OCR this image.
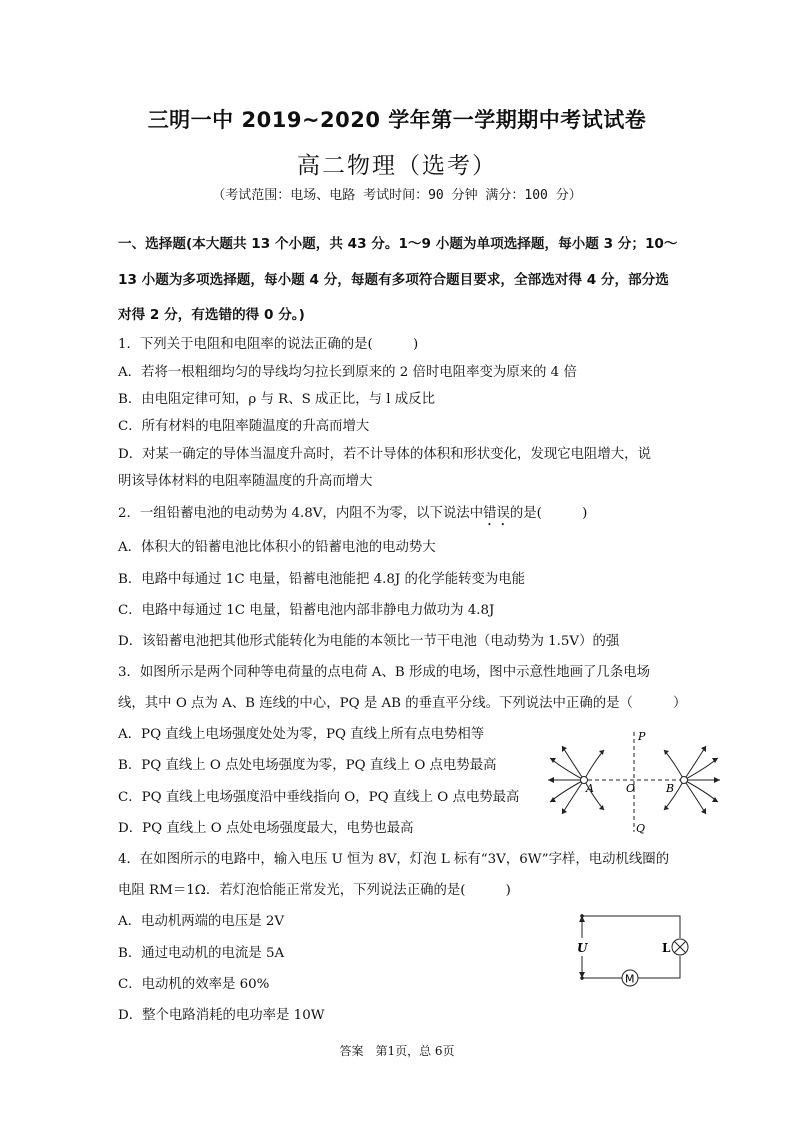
三明一中 2019~2020 学年第一学期期中考试试卷
高二物理（选考）
（考试范围：电场、电路 考试时间：90 分钟 满分：100 分）
一、选择题(本大题共 13 个小题，共 43 分。1～9 小题为单项选择题，每小题 3 分；10～
13 小题为多项选择题，每小题 4 分，每题有多项符合题目要求，全部选对得 4 分，部分选
对得 2 分，有选错的得 0 分。)
1．下列关于电阻和电阻率的说法正确的是(　　　)
A．若将一根粗细均匀的导线均匀拉长到原来的 2 倍时电阻率变为原来的 4 倍
B．由电阻定律可知，ρ 与 R、S 成正比，与 l 成反比
C．所有材料的电阻率随温度的升高而增大
D．对某一确定的导体当温度升高时，若不计导体的体积和形状变化，发现它电阻增大，说
明该导体材料的电阻率随温度的升高而增大
2．一组铅蓄电池的电动势为 4.8V，内阻不为零，以下说法中错误的是(　　　)
A．体积大的铅蓄电池比体积小的铅蓄电池的电动势大
B．电路中每通过 1C 电量，铅蓄电池能把 4.8J 的化学能转变为电能
C．电路中每通过 1C 电量，铅蓄电池内部非静电力做功为 4.8J
D．该铅蓄电池把其他形式能转化为电能的本领比一节干电池（电动势为 1.5V）的强
3．如图所示是两个同种等电荷量的点电荷 A、B 形成的电场，图中示意性地画了几条电场
线，其中 O 点为 A、B 连线的中心，PQ 是 AB 的垂直平分线。下列说法中正确的是（　　　）
A．PQ 直线上电场强度处处为零，PQ 直线上所有点电势相等
B．PQ 直线上 O 点处电场强度为零，PQ 直线上 O 点电势最高
C．PQ 直线上电场强度沿中垂线指向 O，PQ 直线上 O 点电势最高
D．PQ 直线上 O 点处电场强度最大，电势也最高
A	B
O
P
Q
4．在如图所示的电路中，输入电压 U 恒为 8V，灯泡 L 标有“3V，6W”字样，电动机线圈的
电阻 RM＝1Ω．若灯泡恰能正常发光，下列说法正确的是(　　　)
A．电动机两端的电压是 2V
B．通过电动机的电流是 5A
C．电动机的效率是 60%
D．整个电路消耗的电功率是 10W
U	L
M
答案　第1页，总 6页
